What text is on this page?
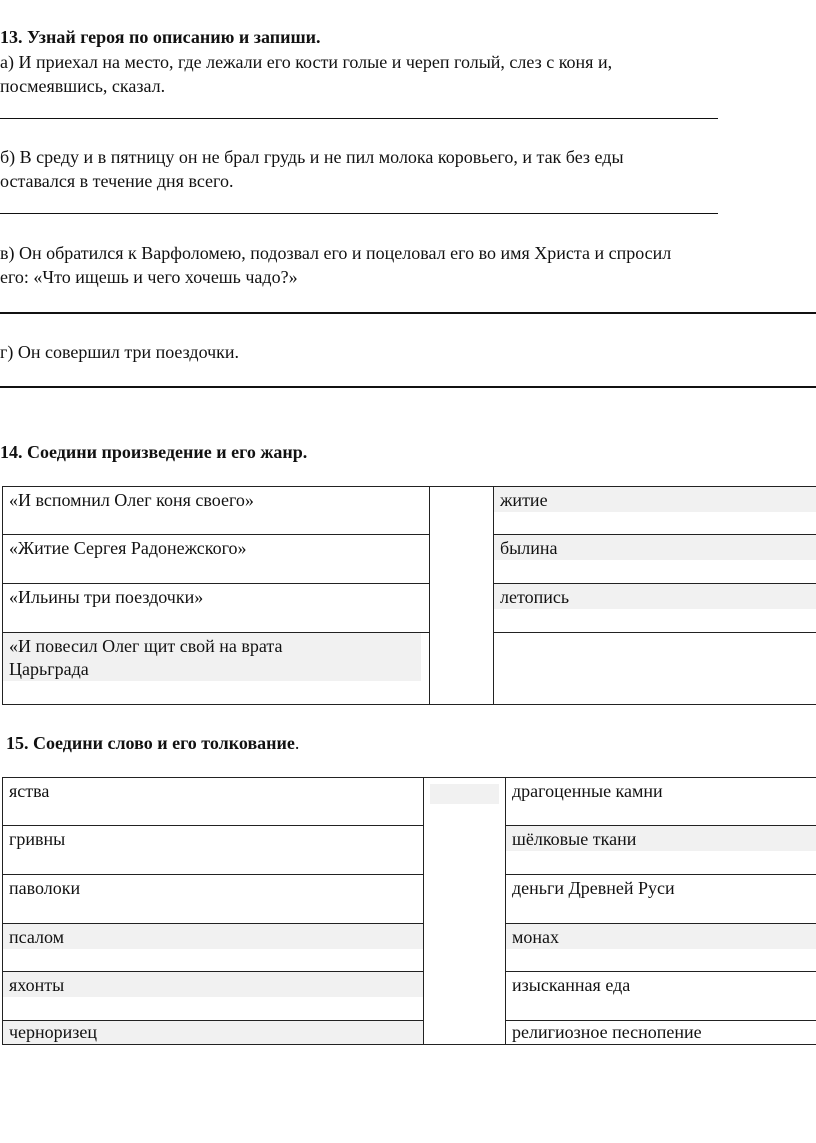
13. Узнай героя по описанию и запиши.
а) И приехал на место, где лежали его кости голые и череп голый, слез с коня и,
посмеявшись, сказал.
б) В среду и в пятницу он не брал грудь и не пил молока коровьего, и так без еды
оставался в течение дня всего.
в) Он обратился к Варфоломею, подозвал его и поцеловал его во имя Христа и спросил
его: «Что ищешь и чего хочешь чадо?»
г) Он совершил три поездочки.
14. Соедини произведение и его жанр.
«И вспомнил Олег коня своего»		житие

«Житие Сергея Радонежского»		былина

«Ильины три поездочки»		летопись

«И повесил Олег щит свой на врата
Царьграда		

15. Соедини слово и его толкование.
яства		драгоценные камни

гривны		шёлковые ткани

паволоки		деньги Древней Руси

псалом		монах

яхонты		изысканная еда

черноризец		религиозное песнопение
